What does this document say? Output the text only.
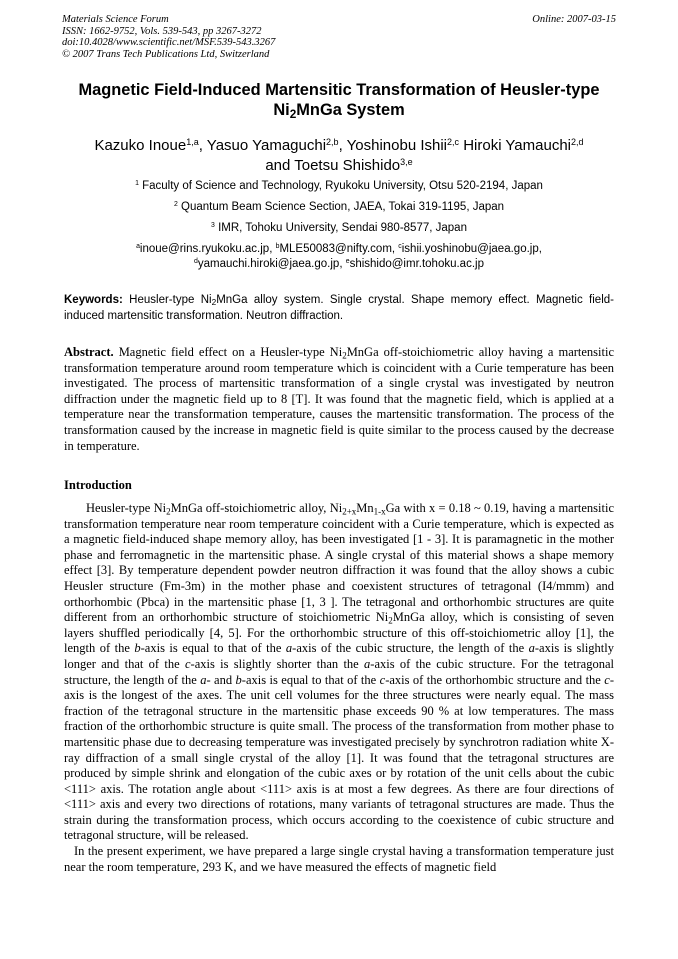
Materials Science Forum
ISSN: 1662-9752, Vols. 539-543, pp 3267-3272
doi:10.4028/www.scientific.net/MSF.539-543.3267
© 2007 Trans Tech Publications Ltd, Switzerland
Online: 2007-03-15
Magnetic Field-Induced Martensitic Transformation of Heusler-type
$Ni_2MnGa$ System
Kazuko Inoue$^{1,a}$, Yasuo Yamaguchi$^{2,b}$, Yoshinobu Ishii$^{2,c}$ Hiroki Yamauchi$^{2,d}$
and Toetsu Shishido$^{3,e}$
$^1$ Faculty of Science and Technology, Ryukoku University, Otsu 520-2194, Japan
$^2$ Quantum Beam Science Section, JAEA, Tokai 319-1195, Japan
$^3$ IMR, Tohoku University, Sendai 980-8577, Japan
$^a$inoue@rins.ryukoku.ac.jp, $^b$MLE50083@nifty.com, $^c$ishii.yoshinobu@jaea.go.jp,
$^d$yamauchi.hiroki@jaea.go.jp, $^e$shishido@imr.tohoku.ac.jp
Keywords: Heusler-type $Ni_2MnGa$ alloy system. Single crystal. Shape memory effect. Magnetic field-induced martensitic transformation. Neutron diffraction.
Abstract. Magnetic field effect on a Heusler-type $Ni_2MnGa$ off-stoichiometric alloy having a martensitic transformation temperature around room temperature which is coincident with a Curie temperature has been investigated. The process of martensitic transformation of a single crystal was investigated by neutron diffraction under the magnetic field up to 8 [T]. It was found that the magnetic field, which is applied at a temperature near the transformation temperature, causes the martensitic transformation. The process of the transformation caused by the increase in magnetic field is quite similar to the process caused by the decrease in temperature.
Introduction

Heusler-type $Ni_2MnGa$ off-stoichiometric alloy, $Ni_{2+x}Mn_{1-x}Ga$ with x = 0.18 ~ 0.19, having a martensitic transformation temperature near room temperature coincident with a Curie temperature, which is expected as a magnetic field-induced shape memory alloy, has been investigated [1 - 3]. It is paramagnetic in the mother phase and ferromagnetic in the martensitic phase. A single crystal of this material shows a shape memory effect [3]. By temperature dependent powder neutron diffraction it was found that the alloy shows a cubic Heusler structure (Fm-3m) in the mother phase and coexistent structures of tetragonal (I4/mmm) and orthorhombic (Pbca) in the martensitic phase [1, 3 ]. The tetragonal and orthorhombic structures are quite different from an orthorhombic structure of stoichiometric $Ni_2MnGa$ alloy, which is consisting of seven layers shuffled periodically [4, 5]. For the orthorhombic structure of this off-stoichiometric alloy [1], the length of the b-axis is equal to that of the a-axis of the cubic structure, the length of the a-axis is slightly longer and that of the c-axis is slightly shorter than the a-axis of the cubic structure. For the tetragonal structure, the length of the a- and b-axis is equal to that of the c-axis of the orthorhombic structure and the c-axis is the longest of the axes. The unit cell volumes for the three structures were nearly equal. The mass fraction of the tetragonal structure in the martensitic phase exceeds 90 % at low temperatures. The mass fraction of the orthorhombic structure is quite small. The process of the transformation from mother phase to martensitic phase due to decreasing temperature was investigated precisely by synchrotron radiation white X-ray diffraction of a small single crystal of the alloy [1]. It was found that the tetragonal structures are produced by simple shrink and elongation of the cubic axes or by rotation of the unit cells about the cubic <111> axis. The rotation angle about <111> axis is at most a few degrees. As there are four directions of <111> axis and every two directions of rotations, many variants of tetragonal structures are made. Thus the strain during the transformation process, which occurs according to the coexistence of cubic structure and tetragonal structure, will be released.

In the present experiment, we have prepared a large single crystal having a transformation temperature just near the room temperature, 293 K, and we have measured the effects of magnetic field
